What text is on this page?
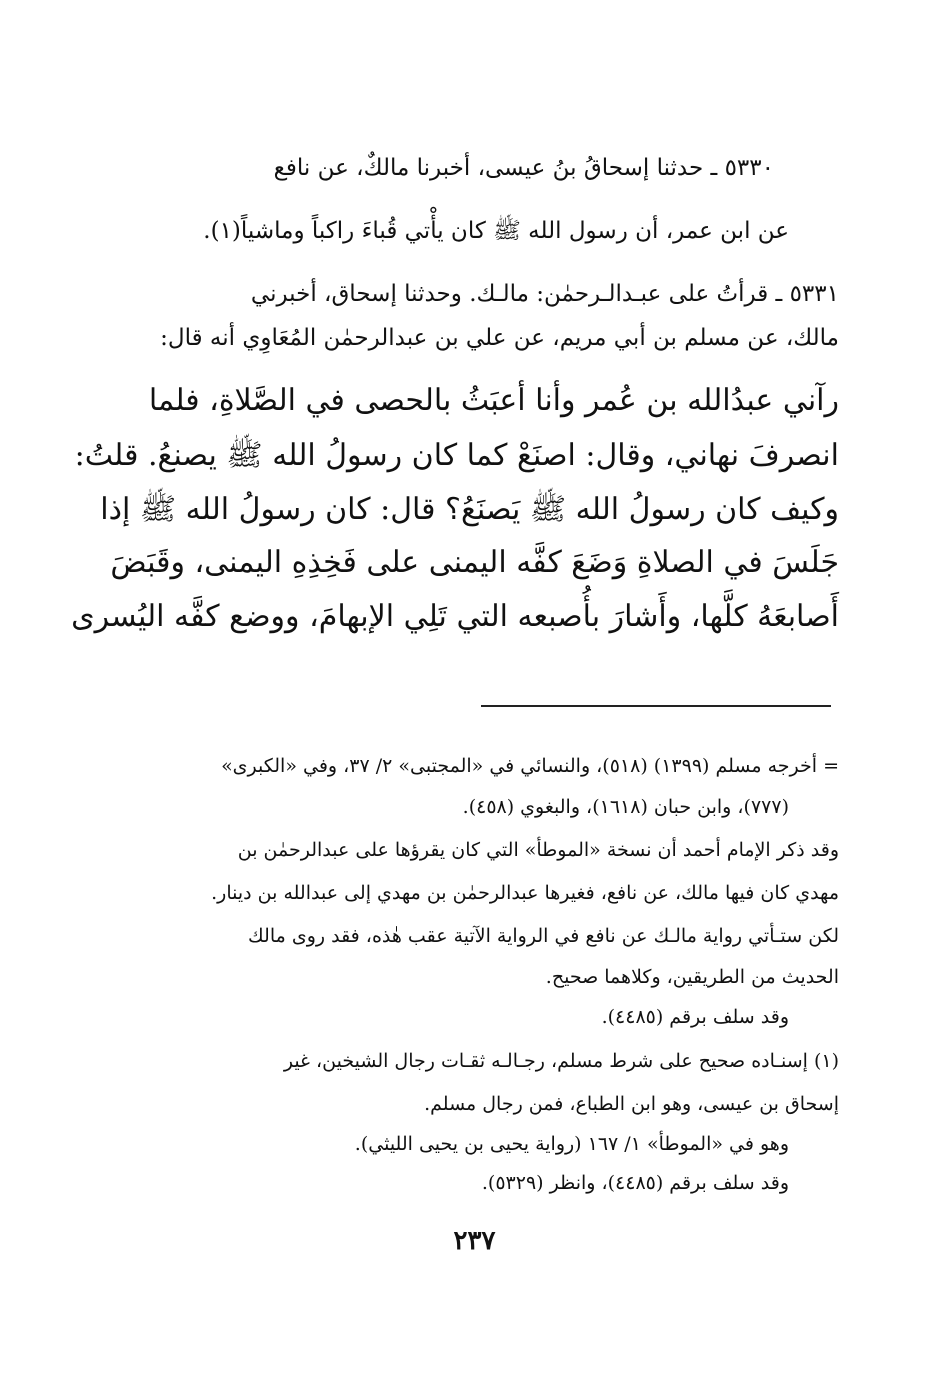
٥٣٣٠ ـ حدثنا إسحاقُ بنُ عيسى، أخبرنا مالكٌ، عن نافع
عن ابن عمر، أن رسول الله ﷺ كان يأْتي قُباءَ راكباً وماشياً(١).
٥٣٣١ ـ قرأتُ على عبـدالـرحمٰن: مالـك. وحدثنا إسحاق، أخبرني
مالك، عن مسلم بن أبي مريم، عن علي بن عبدالرحمٰن المُعَاوِي أنه قال:
رآني عبدُالله بن عُمر وأنا أعبَثُ بالحصى في الصَّلاةِ، فلما
انصرفَ نهاني، وقال: اصنَعْ كما كان رسولُ الله ﷺ يصنعُ. قلتُ:
وكيف كان رسولُ الله ﷺ يَصنَعُ؟ قال: كان رسولُ الله ﷺ إذا
جَلَسَ في الصلاةِ وَضَعَ كفَّه اليمنى على فَخِذِهِ اليمنى، وقَبَضَ
أَصابعَهُ كلَّها، وأَشارَ بأُصبعه التي تَلِي الإبهامَ، ووضع كفَّه اليُسرى
= أخرجه مسلم (١٣٩٩) (٥١٨)، والنسائي في «المجتبى» ٢/ ٣٧، وفي «الكبرى»
(٧٧٧)، وابن حبان (١٦١٨)، والبغوي (٤٥٨).
وقد ذكر الإمام أحمد أن نسخة «الموطأ» التي كان يقرؤها على عبدالرحمٰن بن
مهدي كان فيها مالك، عن نافع، فغيرها عبدالرحمٰن بن مهدي إلى عبدالله بن دينار.
لكن ستـأتي رواية مالـك عن نافع في الرواية الآتية عقب هٰذه، فقد روى مالك
الحديث من الطريقين، وكلاهما صحيح.
وقد سلف برقم (٤٤٨٥).
(١) إسنـاده صحيح على شرط مسلم، رجـالـه ثقـات رجال الشيخين، غير
إسحاق بن عيسى، وهو ابن الطباع، فمن رجال مسلم.
وهو في «الموطأ» ١/ ١٦٧ (رواية يحيى بن يحيى الليثي).
وقد سلف برقم (٤٤٨٥)، وانظر (٥٣٢٩).
٢٣٧
